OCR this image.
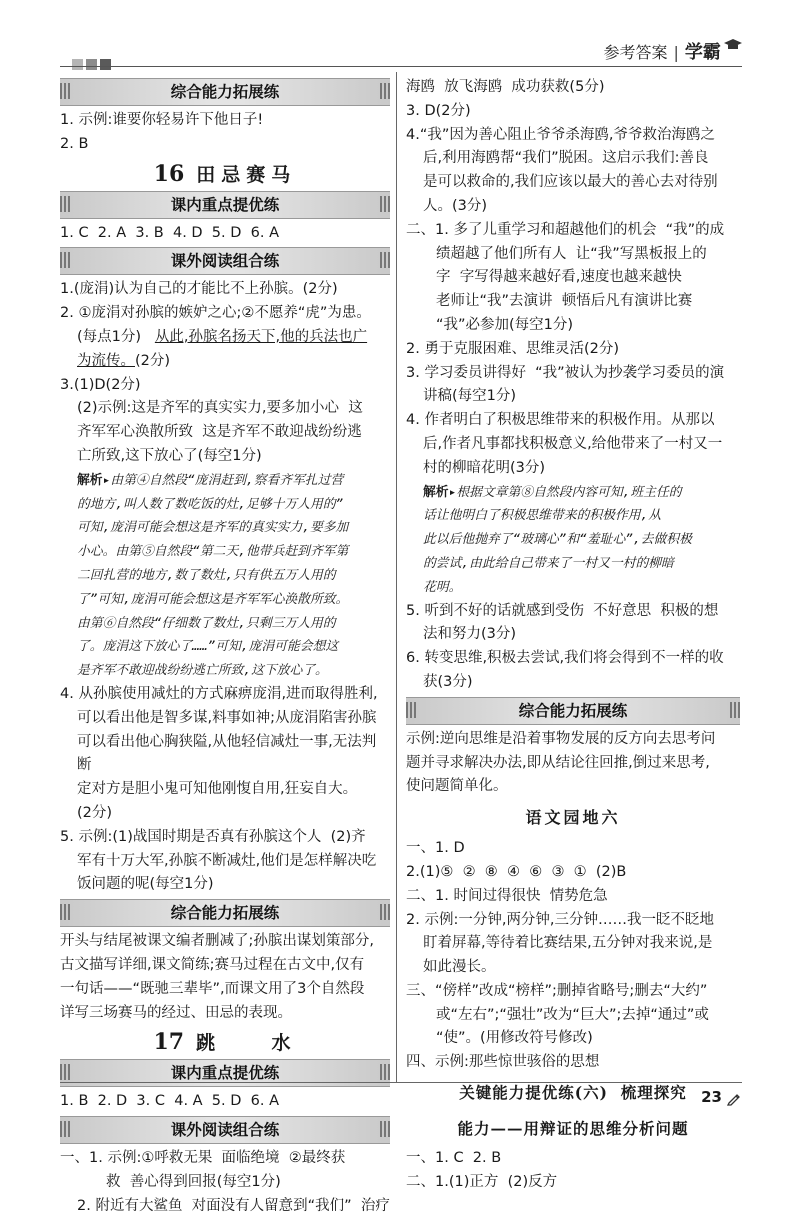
参考答案 | 学霸
综合能力拓展练

1. 示例:谁要你轻易许下他日子!

2. B

16 田忌赛马
课内重点提优练

1. C  2. A  3. B  4. D  5. D  6. A

课外阅读组合练

1.(庞涓)认为自己的才能比不上孙膑。(2分)

2. ①庞涓对孙膑的嫉妒之心;②不愿养“虎”为患。

(每点1分) 从此,孙膑名扬天下,他的兵法也广

为流传。(2分)

3.(1)D(2分)

(2)示例:这是齐军的真实实力,要多加小心  这

齐军军心涣散所致  这是齐军不敢迎战纷纷逃

亡所致,这下放心了(每空1分)

解析▸由第④自然段“庞涓赶到,察看齐军扎过营

的地方,叫人数了数吃饭的灶,足够十万人用的”

可知,庞涓可能会想这是齐军的真实实力,要多加

小心。由第⑤自然段“第二天,他带兵赶到齐军第

二回扎营的地方,数了数灶,只有供五万人用的

了”可知,庞涓可能会想这是齐军军心涣散所致。

由第⑥自然段“仔细数了数灶,只剩三万人用的

了。庞涓这下放心了……”可知,庞涓可能会想这

是齐军不敢迎战纷纷逃亡所致,这下放心了。

4. 从孙膑使用减灶的方式麻痹庞涓,进而取得胜利,

可以看出他是智多谋,料事如神;从庞涓陷害孙膑

可以看出他心胸狭隘,从他轻信减灶一事,无法判断

定对方是胆小鬼可知他刚愎自用,狂妄自大。

(2分)

5. 示例:(1)战国时期是否真有孙膑这个人  (2)齐

军有十万大军,孙膑不断减灶,他们是怎样解决吃

饭问题的呢(每空1分)

综合能力拓展练

开头与结尾被课文编者删减了;孙膑出谋划策部分,

古文描写详细,课文简练;赛马过程在古文中,仅有

一句话——“既驰三辈毕”,而课文用了3个自然段

详写三场赛马的经过、田忌的表现。

17 跳    水
课内重点提优练

1. B  2. D  3. C  4. A  5. D  6. A

课外阅读组合练

一、1. 示例:①呼救无果  面临绝境  ②最终获

救  善心得到回报(每空1分)

2. 附近有大鲨鱼  对面没有人留意到“我们”  治疗

海鸥  放飞海鸥  成功获救(5分)

3. D(2分)

4.“我”因为善心阻止爷爷杀海鸥,爷爷救治海鸥之

后,利用海鸥帮“我们”脱困。这启示我们:善良

是可以救命的,我们应该以最大的善心去对待别

人。(3分)

二、1. 多了儿重学习和超越他们的机会  “我”的成

绩超越了他们所有人  让“我”写黑板报上的

字  字写得越来越好看,速度也越来越快

老师让“我”去演讲  顿悟后凡有演讲比赛

“我”必参加(每空1分)

2. 勇于克服困难、思维灵活(2分)

3. 学习委员讲得好  “我”被认为抄袭学习委员的演

讲稿(每空1分)

4. 作者明白了积极思维带来的积极作用。从那以

后,作者凡事都找积极意义,给他带来了一村又一

村的柳暗花明(3分)

解析▸根据文章第⑧自然段内容可知,班主任的

话让他明白了积极思维带来的积极作用,从

此以后他抛弃了“玻璃心”和“羞耻心”,去做积极

的尝试,由此给自己带来了一村又一村的柳暗

花明。

5. 听到不好的话就感到受伤  不好意思  积极的想

法和努力(3分)

6. 转变思维,积极去尝试,我们将会得到不一样的收

获(3分)

综合能力拓展练

示例:逆向思维是沿着事物发展的反方向去思考问

题并寻求解决办法,即从结论往回推,倒过来思考,

使问题简单化。

语文园地六

一、1. D

2.(1)⑤  ②  ⑧  ④  ⑥  ③  ①  (2)B

二、1. 时间过得很快  情势危急

2. 示例:一分钟,两分钟,三分钟……我一眨不眨地

盯着屏幕,等待着比赛结果,五分钟对我来说,是

如此漫长。

三、“傍样”改成“榜样”;删掉省略号;删去“大约”

或“左右”;“强壮”改为“巨大”;去掉“通过”或

“使”。(用修改符号修改)

四、示例:那些惊世骇俗的思想

关键能力提优练(六)  梳理探究
能力——用辩证的思维分析问题

一、1. C  2. B

二、1.(1)正方  (2)反方

23
